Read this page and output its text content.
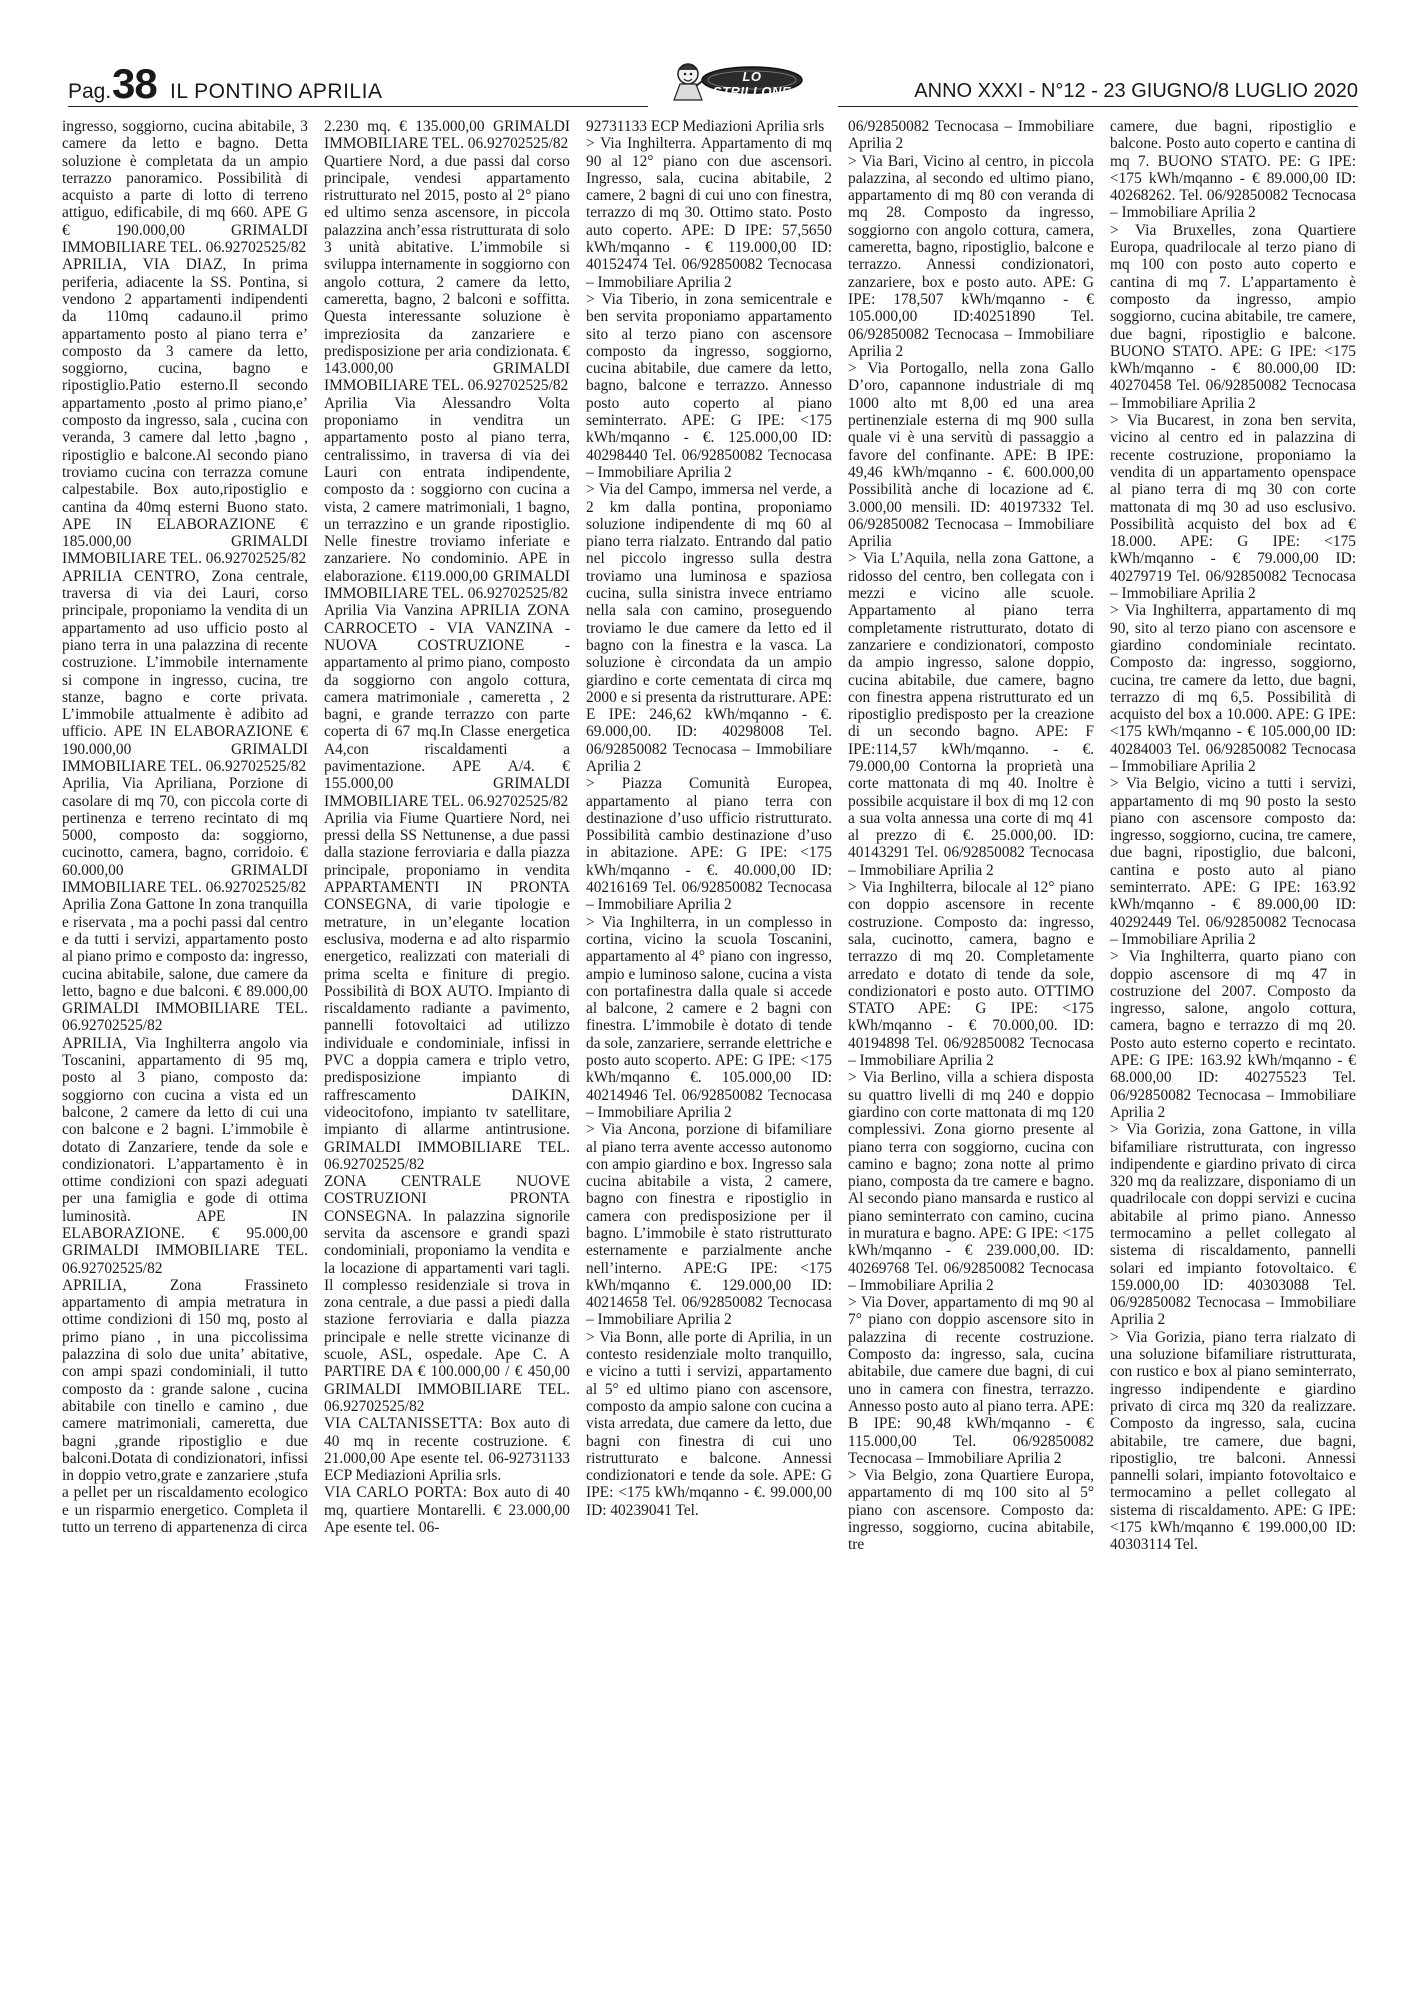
Pag. 38 IL PONTINO APRILIA
LO STRILLONE	ANNO XXXI - N°12 - 23 GIUGNO/8 LUGLIO 2020

ingresso, soggiorno, cucina abitabile, 3 camere da letto e bagno. Detta soluzione è completata da un ampio terrazzo panoramico. Possibilità di acquisto a parte di lotto di terreno attiguo, edificabile, di mq 660. APE G € 190.000,00 GRIMALDI IMMOBILIARE TEL. 06.92702525/82

APRILIA, VIA DIAZ, In prima periferia, adiacente la SS. Pontina, si vendono 2 appartamenti indipendenti da 110mq cadauno.il primo appartamento posto al piano terra e’ composto da 3 camere da letto, soggiorno, cucina, bagno e ripostiglio.Patio esterno.Il secondo appartamento ,posto al primo piano,e’ composto da ingresso, sala , cucina con veranda, 3 camere dal letto ,bagno , ripostiglio e balcone.Al secondo piano troviamo cucina con terrazza comune calpestabile. Box auto,ripostiglio e cantina da 40mq esterni Buono stato. APE IN ELABORAZIONE € 185.000,00 GRIMALDI IMMOBILIARE TEL. 06.92702525/82

APRILIA CENTRO, Zona centrale, traversa di via dei Lauri, corso principale, proponiamo la vendita di un appartamento ad uso ufficio posto al piano terra in una palazzina di recente costruzione. L’immobile internamente si compone in ingresso, cucina, tre stanze, bagno e corte privata. L’immobile attualmente è adibito ad ufficio. APE IN ELABORAZIONE € 190.000,00 GRIMALDI IMMOBILIARE TEL. 06.92702525/82

Aprilia, Via Apriliana, Porzione di casolare di mq 70, con piccola corte di pertinenza e terreno recintato di mq 5000, composto da: soggiorno, cucinotto, camera, bagno, corridoio. € 60.000,00 GRIMALDI IMMOBILIARE TEL. 06.92702525/82

Aprilia Zona Gattone In zona tranquilla e riservata , ma a pochi passi dal centro e da tutti i servizi, appartamento posto al piano primo e composto da: ingresso, cucina abitabile, salone, due camere da letto, bagno e due balconi. € 89.000,00 GRIMALDI IMMOBILIARE TEL. 06.92702525/82

APRILIA, Via Inghilterra angolo via Toscanini, appartamento di 95 mq, posto al 3 piano, composto da: soggiorno con cucina a vista ed un balcone, 2 camere da letto di cui una con balcone e 2 bagni. L’immobile è dotato di Zanzariere, tende da sole e condizionatori. L’appartamento è in ottime condizioni con spazi adeguati per una famiglia e gode di ottima luminosità. APE IN ELABORAZIONE. € 95.000,00 GRIMALDI IMMOBILIARE TEL. 06.92702525/82

APRILIA, Zona Frassineto appartamento di ampia metratura in ottime condizioni di 150 mq, posto al primo piano , in una piccolissima palazzina di solo due unita’ abitative, con ampi spazi condominiali, il tutto composto da : grande salone , cucina abitabile con tinello e camino , due camere matrimoniali, cameretta, due bagni ,grande ripostiglio e due balconi.Dotata di condizionatori, infissi in doppio vetro,grate e zanzariere ,stufa a pellet per un riscaldamento ecologico e un risparmio energetico. Completa il tutto un terreno di appartenenza di circa

2.230 mq. € 135.000,00 GRIMALDI IMMOBILIARE TEL. 06.92702525/82

Quartiere Nord, a due passi dal corso principale, vendesi appartamento ristrutturato nel 2015, posto al 2° piano ed ultimo senza ascensore, in piccola palazzina anch’essa ristrutturata di solo 3 unità abitative. L’immobile si sviluppa internamente in soggiorno con angolo cottura, 2 camere da letto, cameretta, bagno, 2 balconi e soffitta. Questa interessante soluzione è impreziosita da zanzariere e predisposizione per aria condizionata. € 143.000,00 GRIMALDI IMMOBILIARE TEL. 06.92702525/82

Aprilia Via Alessandro Volta proponiamo in venditra un appartamento posto al piano terra, centralissimo, in traversa di via dei Lauri con entrata indipendente, composto da : soggiorno con cucina a vista, 2 camere matrimoniali, 1 bagno, un terrazzino e un grande ripostiglio. Nelle finestre troviamo inferiate e zanzariere. No condominio. APE in elaborazione. €119.000,00 GRIMALDI IMMOBILIARE TEL. 06.92702525/82

Aprilia Via Vanzina APRILIA ZONA CARROCETO - VIA VANZINA - NUOVA COSTRUZIONE - appartamento al primo piano, composto da soggiorno con angolo cottura, camera matrimoniale , cameretta , 2 bagni, e grande terrazzo con parte coperta di 67 mq.In Classe energetica A4,con riscaldamenti a pavimentazione. APE A/4. € 155.000,00 GRIMALDI IMMOBILIARE TEL. 06.92702525/82

Aprilia via Fiume Quartiere Nord, nei pressi della SS Nettunense, a due passi dalla stazione ferroviaria e dalla piazza principale, proponiamo in vendita APPARTAMENTI IN PRONTA CONSEGNA, di varie tipologie e metrature, in un’elegante location esclusiva, moderna e ad alto risparmio energetico, realizzati con materiali di prima scelta e finiture di pregio. Possibilità di BOX AUTO. Impianto di riscaldamento radiante a pavimento, pannelli fotovoltaici ad utilizzo individuale e condominiale, infissi in PVC a doppia camera e triplo vetro, predisposizione impianto di raffrescamento DAIKIN, videocitofono, impianto tv satellitare, impianto di allarme antintrusione. GRIMALDI IMMOBILIARE TEL. 06.92702525/82

ZONA CENTRALE NUOVE COSTRUZIONI PRONTA CONSEGNA. In palazzina signorile servita da ascensore e grandi spazi condominiali, proponiamo la vendita e la locazione di appartamenti vari tagli. Il complesso residenziale si trova in zona centrale, a due passi a piedi dalla stazione ferroviaria e dalla piazza principale e nelle strette vicinanze di scuole, ASL, ospedale. Ape C. A PARTIRE DA € 100.000,00 / € 450,00 GRIMALDI IMMOBILIARE TEL. 06.92702525/82

VIA CALTANISSETTA: Box auto di 40 mq in recente costruzione. € 21.000,00 Ape esente tel. 06-92731133 ECP Mediazioni Aprilia srls.

VIA CARLO PORTA: Box auto di 40 mq, quartiere Montarelli. € 23.000,00 Ape esente tel. 06-

92731133 ECP Mediazioni Aprilia srls

> Via Inghilterra. Appartamento di mq 90 al 12° piano con due ascensori. Ingresso, sala, cucina abitabile, 2 camere, 2 bagni di cui uno con finestra, terrazzo di mq 30. Ottimo stato. Posto auto coperto. APE: D IPE: 57,5650 kWh/mqanno - € 119.000,00 ID: 40152474 Tel. 06/92850082 Tecnocasa – Immobiliare Aprilia 2

> Via Tiberio, in zona semicentrale e ben servita proponiamo appartamento sito al terzo piano con ascensore composto da ingresso, soggiorno, cucina abitabile, due camere da letto, bagno, balcone e terrazzo. Annesso posto auto coperto al piano seminterrato. APE: G IPE: <175 kWh/mqanno - €. 125.000,00 ID: 40298440 Tel. 06/92850082 Tecnocasa – Immobiliare Aprilia 2

> Via del Campo, immersa nel verde, a 2 km dalla pontina, proponiamo soluzione indipendente di mq 60 al piano terra rialzato. Entrando dal patio nel piccolo ingresso sulla destra troviamo una luminosa e spaziosa cucina, sulla sinistra invece entriamo nella sala con camino, proseguendo troviamo le due camere da letto ed il bagno con la finestra e la vasca. La soluzione è circondata da un ampio giardino e corte cementata di circa mq 2000 e si presenta da ristrutturare. APE: E IPE: 246,62 kWh/mqanno - €. 69.000,00. ID: 40298008 Tel. 06/92850082 Tecnocasa – Immobiliare Aprilia 2

> Piazza Comunità Europea, appartamento al piano terra con destinazione d’uso ufficio ristrutturato. Possibilità cambio destinazione d’uso in abitazione. APE: G IPE: <175 kWh/mqanno - €. 40.000,00 ID: 40216169 Tel. 06/92850082 Tecnocasa – Immobiliare Aprilia 2

> Via Inghilterra, in un complesso in cortina, vicino la scuola Toscanini, appartamento al 4° piano con ingresso, ampio e luminoso salone, cucina a vista con portafinestra dalla quale si accede al balcone, 2 camere e 2 bagni con finestra. L’immobile è dotato di tende da sole, zanzariere, serrande elettriche e posto auto scoperto. APE: G IPE: <175 kWh/mqanno €. 105.000,00 ID: 40214946 Tel. 06/92850082 Tecnocasa – Immobiliare Aprilia 2

> Via Ancona, porzione di bifamiliare al piano terra avente accesso autonomo con ampio giardino e box. Ingresso sala cucina abitabile a vista, 2 camere, bagno con finestra e ripostiglio in camera con predisposizione per il bagno. L’immobile è stato ristrutturato esternamente e parzialmente anche nell’interno. APE:G IPE: <175 kWh/mqanno €. 129.000,00 ID: 40214658 Tel. 06/92850082 Tecnocasa – Immobiliare Aprilia 2

> Via Bonn, alle porte di Aprilia, in un contesto residenziale molto tranquillo, e vicino a tutti i servizi, appartamento al 5° ed ultimo piano con ascensore, composto da ampio salone con cucina a vista arredata, due camere da letto, due bagni con finestra di cui uno ristrutturato e balcone. Annessi condizionatori e tende da sole. APE: G IPE: <175 kWh/mqanno - €. 99.000,00 ID: 40239041 Tel.

06/92850082 Tecnocasa – Immobiliare Aprilia 2

> Via Bari, Vicino al centro, in piccola palazzina, al secondo ed ultimo piano, appartamento di mq 80 con veranda di mq 28. Composto da ingresso, soggiorno con angolo cottura, camera, cameretta, bagno, ripostiglio, balcone e terrazzo. Annessi condizionatori, zanzariere, box e posto auto. APE: G IPE: 178,507 kWh/mqanno - € 105.000,00 ID:40251890 Tel. 06/92850082 Tecnocasa – Immobiliare Aprilia 2

> Via Portogallo, nella zona Gallo D’oro, capannone industriale di mq 1000 alto mt 8,00 ed una area pertinenziale esterna di mq 900 sulla quale vi è una servitù di passaggio a favore del confinante. APE: B IPE: 49,46 kWh/mqanno - €. 600.000,00 Possibilità anche di locazione ad €. 3.000,00 mensili. ID: 40197332 Tel. 06/92850082 Tecnocasa – Immobiliare Aprilia

> Via L’Aquila, nella zona Gattone, a ridosso del centro, ben collegata con i mezzi e vicino alle scuole. Appartamento al piano terra completamente ristrutturato, dotato di zanzariere e condizionatori, composto da ampio ingresso, salone doppio, cucina abitabile, due camere, bagno con finestra appena ristrutturato ed un ripostiglio predisposto per la creazione di un secondo bagno. APE: F IPE:114,57 kWh/mqanno. - €. 79.000,00 Contorna la proprietà una corte mattonata di mq 40. Inoltre è possibile acquistare il box di mq 12 con a sua volta annessa una corte di mq 41 al prezzo di €. 25.000,00. ID: 40143291 Tel. 06/92850082 Tecnocasa – Immobiliare Aprilia 2

> Via Inghilterra, bilocale al 12° piano con doppio ascensore in recente costruzione. Composto da: ingresso, sala, cucinotto, camera, bagno e terrazzo di mq 20. Completamente arredato e dotato di tende da sole, condizionatori e posto auto. OTTIMO STATO APE: G IPE: <175 kWh/mqanno - € 70.000,00. ID: 40194898 Tel. 06/92850082 Tecnocasa – Immobiliare Aprilia 2

> Via Berlino, villa a schiera disposta su quattro livelli di mq 240 e doppio giardino con corte mattonata di mq 120 complessivi. Zona giorno presente al piano terra con soggiorno, cucina con camino e bagno; zona notte al primo piano, composta da tre camere e bagno. Al secondo piano mansarda e rustico al piano seminterrato con camino, cucina in muratura e bagno. APE: G IPE: <175 kWh/mqanno - € 239.000,00. ID: 40269768 Tel. 06/92850082 Tecnocasa – Immobiliare Aprilia 2

> Via Dover, appartamento di mq 90 al 7° piano con doppio ascensore sito in palazzina di recente costruzione. Composto da: ingresso, sala, cucina abitabile, due camere due bagni, di cui uno in camera con finestra, terrazzo. Annesso posto auto al piano terra. APE: B IPE: 90,48 kWh/mqanno - € 115.000,00 Tel. 06/92850082 Tecnocasa – Immobiliare Aprilia 2

> Via Belgio, zona Quartiere Europa, appartamento di mq 100 sito al 5° piano con ascensore. Composto da: ingresso, soggiorno, cucina abitabile, tre

camere, due bagni, ripostiglio e balcone. Posto auto coperto e cantina di mq 7. BUONO STATO. PE: G IPE: <175 kWh/mqanno - € 89.000,00 ID: 40268262. Tel. 06/92850082 Tecnocasa – Immobiliare Aprilia 2

> Via Bruxelles, zona Quartiere Europa, quadrilocale al terzo piano di mq 100 con posto auto coperto e cantina di mq 7. L’appartamento è composto da ingresso, ampio soggiorno, cucina abitabile, tre camere, due bagni, ripostiglio e balcone. BUONO STATO. APE: G IPE: <175 kWh/mqanno - € 80.000,00 ID: 40270458 Tel. 06/92850082 Tecnocasa – Immobiliare Aprilia 2

> Via Bucarest, in zona ben servita, vicino al centro ed in palazzina di recente costruzione, proponiamo la vendita di un appartamento openspace al piano terra di mq 30 con corte mattonata di mq 30 ad uso esclusivo. Possibilità acquisto del box ad € 18.000. APE: G IPE: <175 kWh/mqanno - € 79.000,00 ID: 40279719 Tel. 06/92850082 Tecnocasa – Immobiliare Aprilia 2

> Via Inghilterra, appartamento di mq 90, sito al terzo piano con ascensore e giardino condominiale recintato. Composto da: ingresso, soggiorno, cucina, tre camere da letto, due bagni, terrazzo di mq 6,5. Possibilità di acquisto del box a 10.000. APE: G IPE: <175 kWh/mqanno - € 105.000,00 ID: 40284003 Tel. 06/92850082 Tecnocasa – Immobiliare Aprilia 2

> Via Belgio, vicino a tutti i servizi, appartamento di mq 90 posto la sesto piano con ascensore composto da: ingresso, soggiorno, cucina, tre camere, due bagni, ripostiglio, due balconi, cantina e posto auto al piano seminterrato. APE: G IPE: 163.92 kWh/mqanno - € 89.000,00 ID: 40292449 Tel. 06/92850082 Tecnocasa – Immobiliare Aprilia 2

> Via Inghilterra, quarto piano con doppio ascensore di mq 47 in costruzione del 2007. Composto da ingresso, salone, angolo cottura, camera, bagno e terrazzo di mq 20. Posto auto esterno coperto e recintato. APE: G IPE: 163.92 kWh/mqanno - € 68.000,00 ID: 40275523 Tel. 06/92850082 Tecnocasa – Immobiliare Aprilia 2

> Via Gorizia, zona Gattone, in villa bifamiliare ristrutturata, con ingresso indipendente e giardino privato di circa 320 mq da realizzare, disponiamo di un quadrilocale con doppi servizi e cucina abitabile al primo piano. Annesso termocamino a pellet collegato al sistema di riscaldamento, pannelli solari ed impianto fotovoltaico. € 159.000,00 ID: 40303088 Tel. 06/92850082 Tecnocasa – Immobiliare Aprilia 2

> Via Gorizia, piano terra rialzato di una soluzione bifamiliare ristrutturata, con rustico e box al piano seminterrato, ingresso indipendente e giardino privato di circa mq 320 da realizzare. Composto da ingresso, sala, cucina abitabile, tre camere, due bagni, ripostiglio, tre balconi. Annessi pannelli solari, impianto fotovoltaico e termocamino a pellet collegato al sistema di riscaldamento. APE: G IPE: <175 kWh/mqanno € 199.000,00 ID: 40303114 Tel.
